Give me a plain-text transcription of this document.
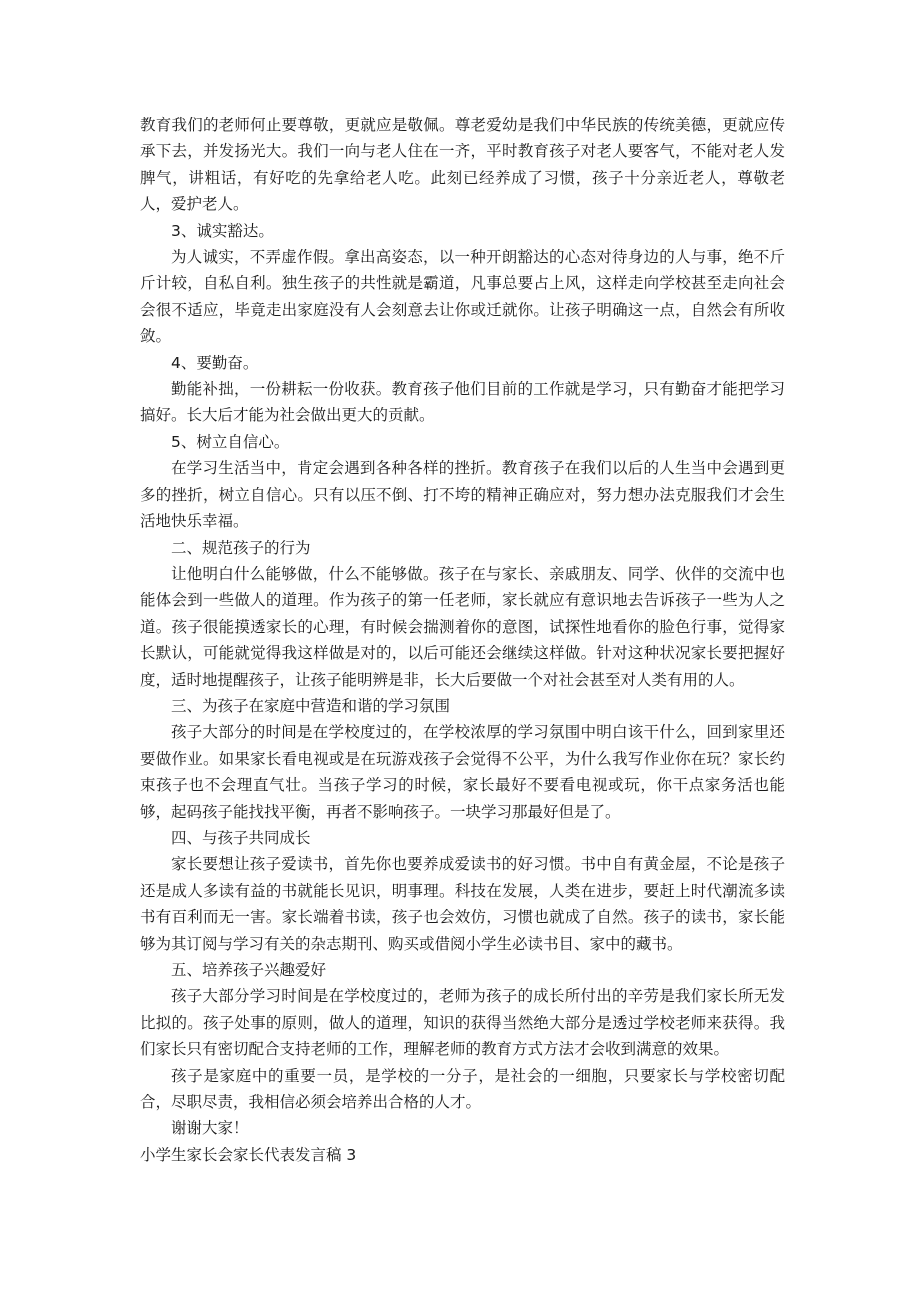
教育我们的老师何止要尊敬，更就应是敬佩。尊老爱幼是我们中华民族的传统美德，更就应传承下去，并发扬光大。我们一向与老人住在一齐，平时教育孩子对老人要客气，不能对老人发脾气，讲粗话，有好吃的先拿给老人吃。此刻已经养成了习惯，孩子十分亲近老人，尊敬老人，爱护老人。

3、诚实豁达。

为人诚实，不弄虚作假。拿出高姿态，以一种开朗豁达的心态对待身边的人与事，绝不斤斤计较，自私自利。独生孩子的共性就是霸道，凡事总要占上风，这样走向学校甚至走向社会会很不适应，毕竟走出家庭没有人会刻意去让你或迁就你。让孩子明确这一点，自然会有所收敛。

4、要勤奋。

勤能补拙，一份耕耘一份收获。教育孩子他们目前的工作就是学习，只有勤奋才能把学习搞好。长大后才能为社会做出更大的贡献。

5、树立自信心。

在学习生活当中，肯定会遇到各种各样的挫折。教育孩子在我们以后的人生当中会遇到更多的挫折，树立自信心。只有以压不倒、打不垮的精神正确应对，努力想办法克服我们才会生活地快乐幸福。

二、规范孩子的行为

让他明白什么能够做，什么不能够做。孩子在与家长、亲戚朋友、同学、伙伴的交流中也能体会到一些做人的道理。作为孩子的第一任老师，家长就应有意识地去告诉孩子一些为人之道。孩子很能摸透家长的心理，有时候会揣测着你的意图，试探性地看你的脸色行事，觉得家长默认，可能就觉得我这样做是对的，以后可能还会继续这样做。针对这种状况家长要把握好度，适时地提醒孩子，让孩子能明辨是非，长大后要做一个对社会甚至对人类有用的人。

三、为孩子在家庭中营造和谐的学习氛围

孩子大部分的时间是在学校度过的，在学校浓厚的学习氛围中明白该干什么，回到家里还要做作业。如果家长看电视或是在玩游戏孩子会觉得不公平，为什么我写作业你在玩？家长约束孩子也不会理直气壮。当孩子学习的时候，家长最好不要看电视或玩，你干点家务活也能够，起码孩子能找找平衡，再者不影响孩子。一块学习那最好但是了。

四、与孩子共同成长

家长要想让孩子爱读书，首先你也要养成爱读书的好习惯。书中自有黄金屋，不论是孩子还是成人多读有益的书就能长见识，明事理。科技在发展，人类在进步，要赶上时代潮流多读书有百利而无一害。家长端着书读，孩子也会效仿，习惯也就成了自然。孩子的读书，家长能够为其订阅与学习有关的杂志期刊、购买或借阅小学生必读书目、家中的藏书。

五、培养孩子兴趣爱好

孩子大部分学习时间是在学校度过的，老师为孩子的成长所付出的辛劳是我们家长所无发比拟的。孩子处事的原则，做人的道理，知识的获得当然绝大部分是透过学校老师来获得。我们家长只有密切配合支持老师的工作，理解老师的教育方式方法才会收到满意的效果。

孩子是家庭中的重要一员，是学校的一分子，是社会的一细胞，只要家长与学校密切配合，尽职尽责，我相信必须会培养出合格的人才。

谢谢大家！

小学生家长会家长代表发言稿 3
